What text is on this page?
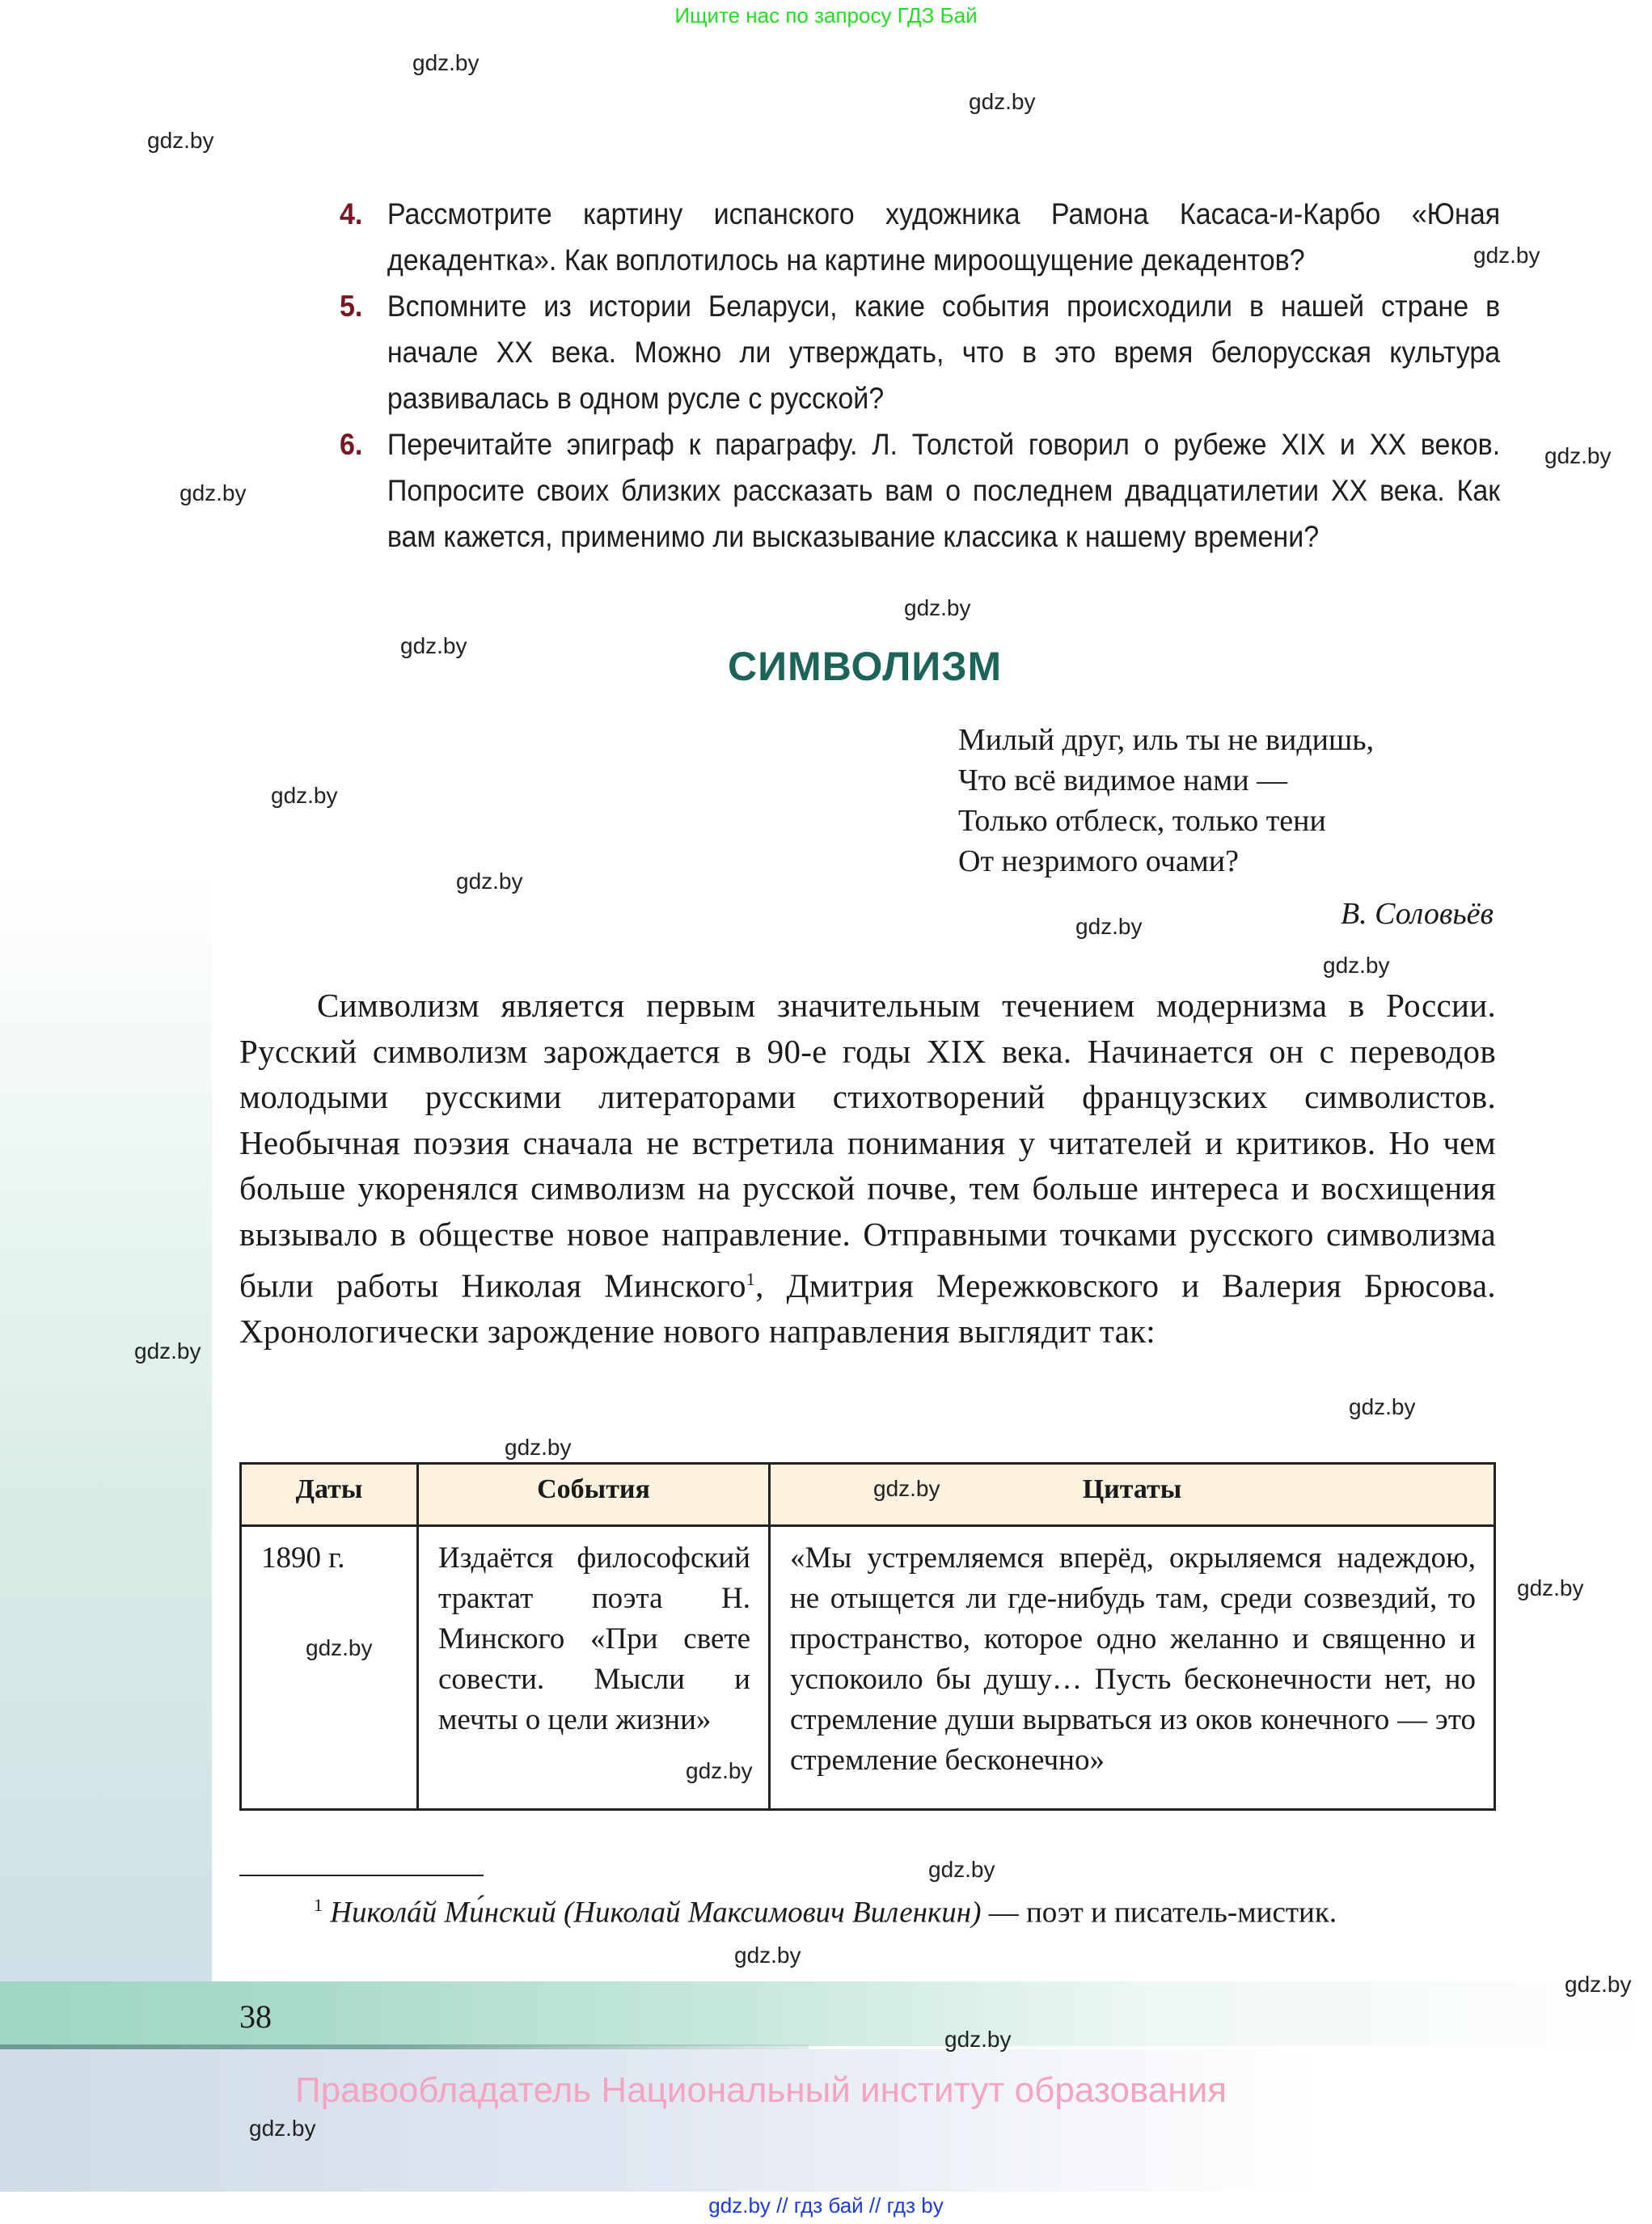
Ищите нас по запросу ГДЗ Бай
4. Рассмотрите картину испанского художника Рамона Касаса-и-Карбо «Юная декадентка». Как воплотилось на картине мироощущение декадентов?
5. Вспомните из истории Беларуси, какие события происходили в нашей стране в начале XX века. Можно ли утверждать, что в это время белорусская культура развивалась в одном русле с русской?
6. Перечитайте эпиграф к параграфу. Л. Толстой говорил о рубеже XIX и XX веков. Попросите своих близких рассказать вам о последнем двадцатилетии XX века. Как вам кажется, применимо ли высказывание классика к нашему времени?
СИМВОЛИЗМ
Милый друг, иль ты не видишь,
Что всё видимое нами —
Только отблеск, только тени
От незримого очами?
В. Соловьёв

Символизм является первым значительным течением модернизма в России. Русский символизм зарождается в 90-е годы XIX века. Начинается он с переводов молодыми русскими литераторами стихотворений французских символистов. Необычная поэзия сначала не встретила понимания у читателей и критиков. Но чем больше укоренялся символизм на русской почве, тем больше интереса и восхищения вызывало в обществе новое направление. Отправными точками русского символизма были работы Николая Минского$^1$, Дмитрия Мережковского и Валерия Брюсова. Хронологически зарождение нового направления выглядит так:

Даты	События	Цитаты
1890 г.	Издаётся философский трактат поэта Н. Минского «При свете совести. Мысли и мечты о цели жизни»	«Мы устремляемся вперёд, окрыляемся надеждою, не отыщется ли где-нибудь там, среди созвездий, то пространство, которое одно желанно и священно и успокоило бы душу… Пусть бесконечности нет, но стремление души вырваться из оков конечного — это стремление бесконечно»

$^1$ Николáй Ми́нский (Николай Максимович Виленкин) — поэт и писатель-мистик.

38
Правообладатель Национальный институт образования
gdz.by // гдз бай // гдз by
gdz.by
gdz.by
gdz.by
gdz.by
gdz.by
gdz.by
gdz.by
gdz.by
gdz.by
gdz.by
gdz.by
gdz.by
gdz.by
gdz.by
gdz.by
gdz.by
gdz.by
gdz.by
gdz.by
gdz.by
gdz.by
gdz.by
gdz.by
gdz.by
